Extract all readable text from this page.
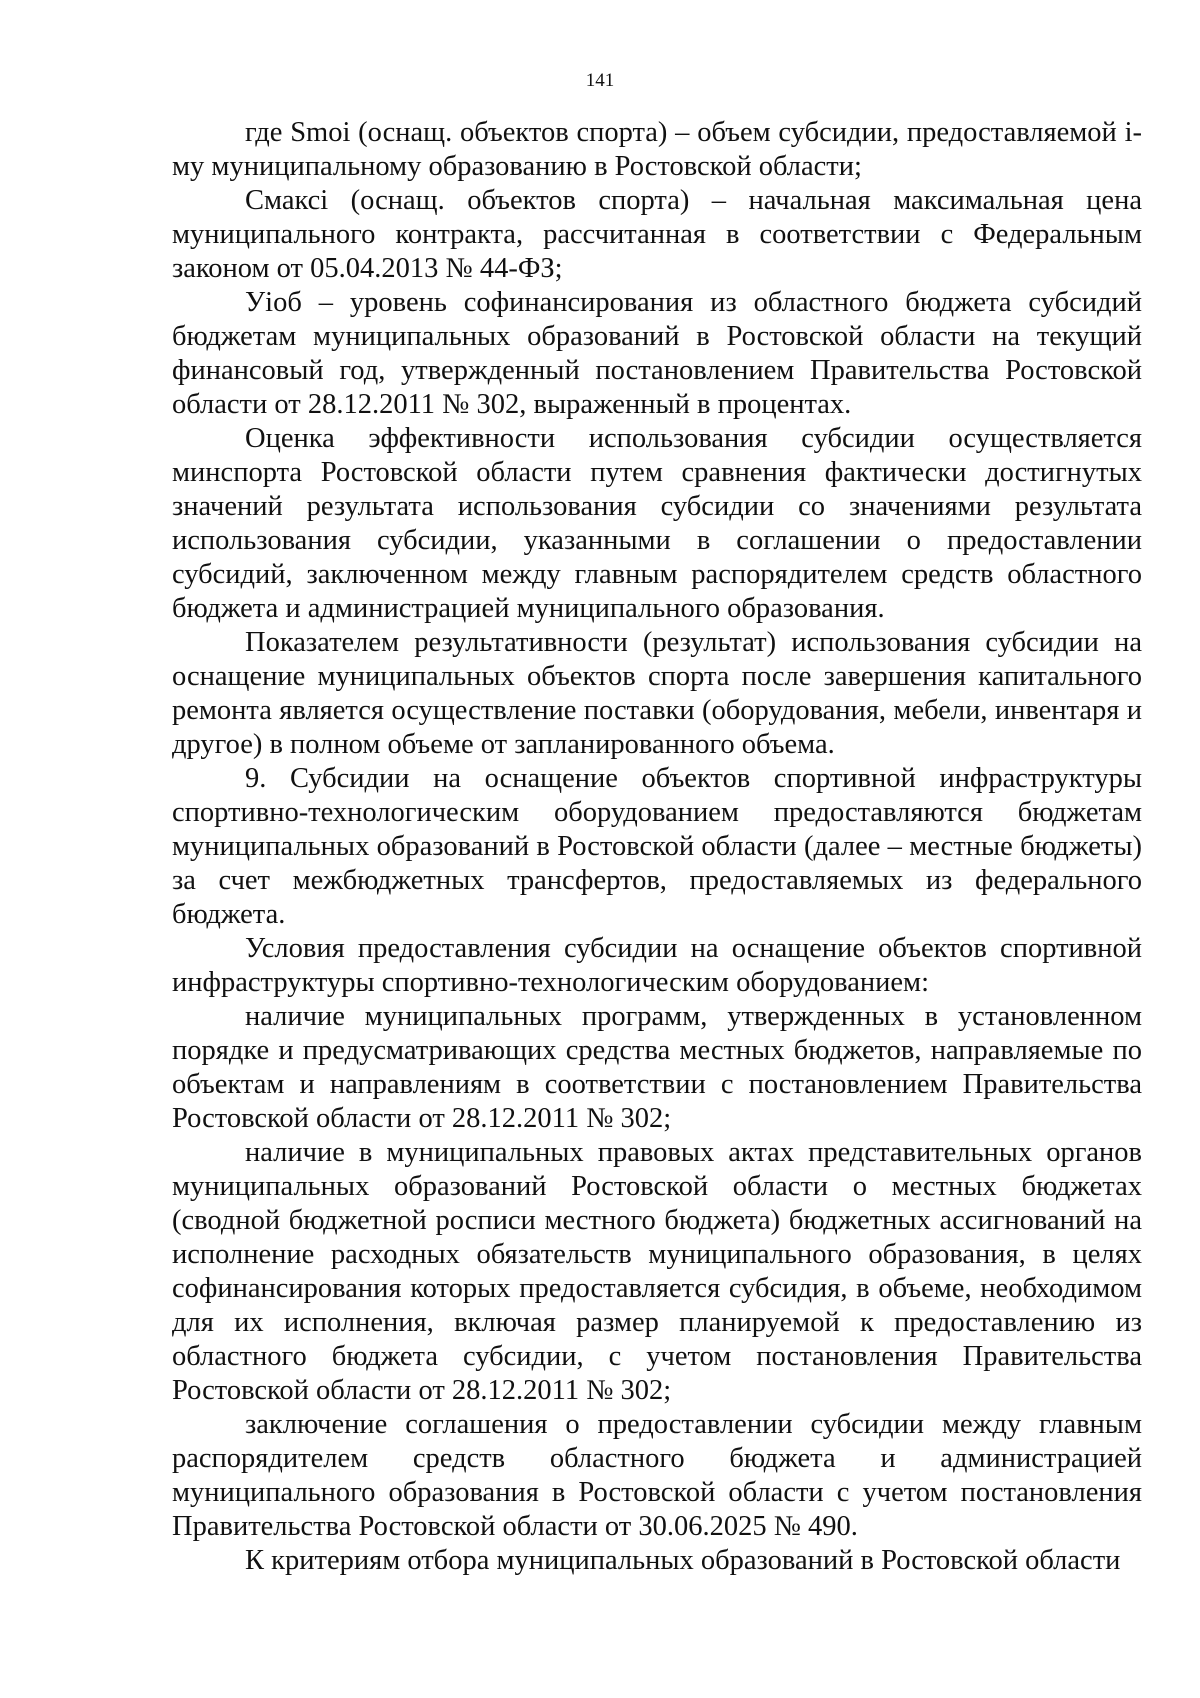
141

где Smoi (оснащ. объектов спорта) – объем субсидии, предоставляемой i-му муниципальному образованию в Ростовской области;

Смаксi (оснащ. объектов спорта) – начальная максимальная цена муниципального контракта, рассчитанная в соответствии с Федеральным законом от 05.04.2013 № 44-ФЗ;

Уiоб – уровень софинансирования из областного бюджета субсидий бюджетам муниципальных образований в Ростовской области на текущий финансовый год, утвержденный постановлением Правительства Ростовской области от 28.12.2011 № 302, выраженный в процентах.

Оценка эффективности использования субсидии осуществляется минспорта Ростовской области путем сравнения фактически достигнутых значений результата использования субсидии со значениями результата использования субсидии, указанными в соглашении о предоставлении субсидий, заключенном между главным распорядителем средств областного бюджета и администрацией муниципального образования.

Показателем результативности (результат) использования субсидии на оснащение муниципальных объектов спорта после завершения капитального ремонта является осуществление поставки (оборудования, мебели, инвентаря и другое) в полном объеме от запланированного объема.

9. Субсидии на оснащение объектов спортивной инфраструктуры спортивно-технологическим оборудованием предоставляются бюджетам муниципальных образований в Ростовской области (далее – местные бюджеты) за счет межбюджетных трансфертов, предоставляемых из федерального бюджета.

Условия предоставления субсидии на оснащение объектов спортивной инфраструктуры спортивно-технологическим оборудованием:

наличие муниципальных программ, утвержденных в установленном порядке и предусматривающих средства местных бюджетов, направляемые по объектам и направлениям в соответствии с постановлением Правительства Ростовской области от 28.12.2011 № 302;

наличие в муниципальных правовых актах представительных органов муниципальных образований Ростовской области о местных бюджетах (сводной бюджетной росписи местного бюджета) бюджетных ассигнований на исполнение расходных обязательств муниципального образования, в целях софинансирования которых предоставляется субсидия, в объеме, необходимом для их исполнения, включая размер планируемой к предоставлению из областного бюджета субсидии, с учетом постановления Правительства Ростовской области от 28.12.2011 № 302;

заключение соглашения о предоставлении субсидии между главным распорядителем средств областного бюджета и администрацией муниципального образования в Ростовской области с учетом постановления Правительства Ростовской области от 30.06.2025 № 490.

К критериям отбора муниципальных образований в Ростовской области
